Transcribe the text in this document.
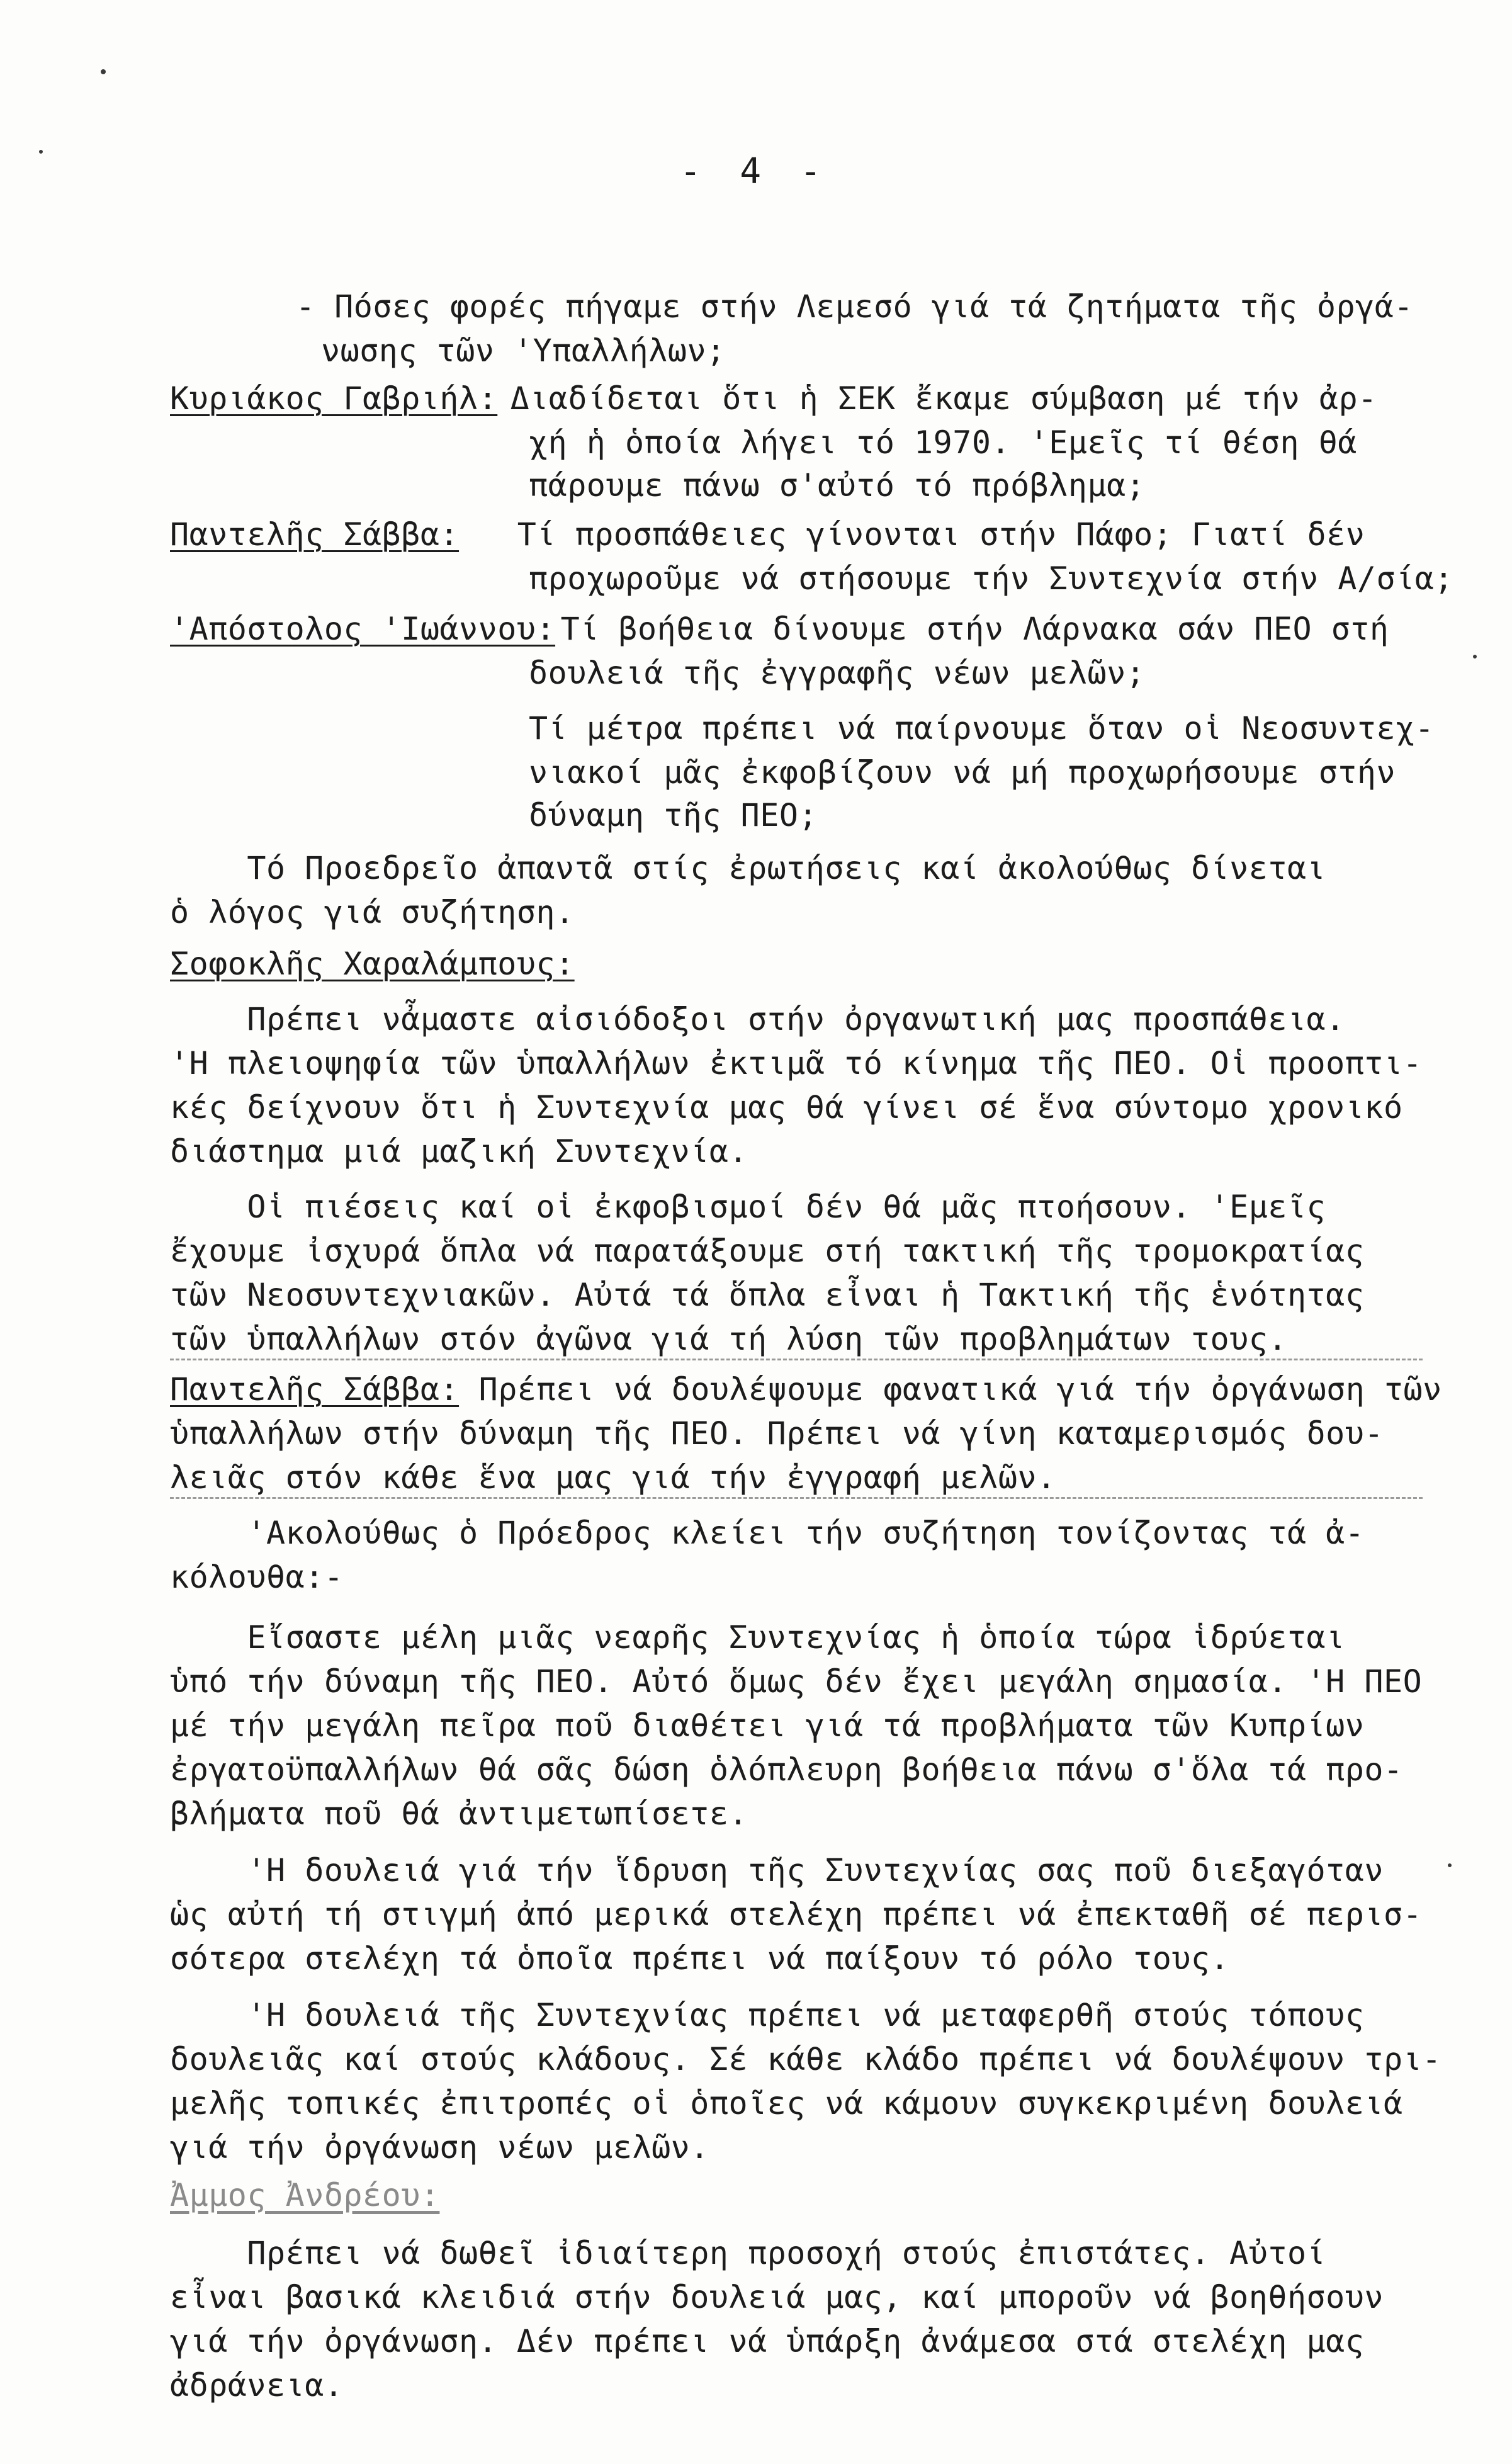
- 4 -
- Πόσες φορές πήγαμε στήν Λεμεσό γιά τά ζητήματα τῆς ὀργά-
νωσης τῶν 'Υπαλλήλων;
Κυριάκος Γαβριήλ:
Διαδίδεται ὅτι ἡ ΣΕΚ ἔκαμε σύμβαση μέ τήν ἀρ-
χή ἡ ὁποία λήγει τό 1970. 'Εμεῖς τί θέση θά
πάρουμε πάνω σ'αὐτό τό πρόβλημα;
Παντελῆς Σάββα: Τί προσπάθειες γίνονται στήν Πάφο; Γιατί δέν
προχωροῦμε νά στήσουμε τήν Συντεχνία στήν Α/σία;
'Απόστολος 'Ιωάννου:
Τί βοήθεια δίνουμε στήν Λάρνακα σάν ΠΕΟ στή
δουλειά τῆς ἐγγραφῆς νέων μελῶν;
Τί μέτρα πρέπει νά παίρνουμε ὅταν οἱ Νεοσυντεχ-
νιακοί μᾶς ἐκφοβίζουν νά μή προχωρήσουμε στήν
δύναμη τῆς ΠΕΟ;
Τό Προεδρεῖο ἀπαντᾶ στίς ἐρωτήσεις καί ἀκολούθως δίνεται
ὁ λόγος γιά συζήτηση.
Σοφοκλῆς Χαραλάμπους:
Πρέπει νἆμαστε αἰσιόδοξοι στήν ὀργανωτική μας προσπάθεια.
'Η πλειοψηφία τῶν ὑπαλλήλων ἐκτιμᾶ τό κίνημα τῆς ΠΕΟ. Οἱ προοπτι-
κές δείχνουν ὅτι ἡ Συντεχνία μας θά γίνει σέ ἕνα σύντομο χρονικό
διάστημα μιά μαζική Συντεχνία.
Οἱ πιέσεις καί οἱ ἐκφοβισμοί δέν θά μᾶς πτοήσουν. 'Εμεῖς
ἔχουμε ἰσχυρά ὅπλα νά παρατάξουμε στή τακτική τῆς τρομοκρατίας
τῶν Νεοσυντεχνιακῶν. Αὐτά τά ὅπλα εἶναι ἡ Τακτική τῆς ἑνότητας
τῶν ὑπαλλήλων στόν ἀγῶνα γιά τή λύση τῶν προβλημάτων τους.
Παντελῆς Σάββα: Πρέπει νά δουλέψουμε φανατικά γιά τήν ὀργάνωση τῶν
ὑπαλλήλων στήν δύναμη τῆς ΠΕΟ. Πρέπει νά γίνη καταμερισμός δου-
λειᾶς στόν κάθε ἕνα μας γιά τήν ἐγγραφή μελῶν.
'Ακολούθως ὁ Πρόεδρος κλείει τήν συζήτηση τονίζοντας τά ἀ-
κόλουθα:-
Εἴσαστε μέλη μιᾶς νεαρῆς Συντεχνίας ἡ ὁποία τώρα ἱδρύεται
ὑπό τήν δύναμη τῆς ΠΕΟ. Αὐτό ὅμως δέν ἔχει μεγάλη σημασία. 'Η ΠΕΟ
μέ τήν μεγάλη πεῖρα ποῦ διαθέτει γιά τά προβλήματα τῶν Κυπρίων
ἐργατοϋπαλλήλων θά σᾶς δώση ὁλόπλευρη βοήθεια πάνω σ'ὅλα τά προ-
βλήματα ποῦ θά ἀντιμετωπίσετε.
'Η δουλειά γιά τήν ἵδρυση τῆς Συντεχνίας σας ποῦ διεξαγόταν
ὡς αὐτή τή στιγμή ἀπό μερικά στελέχη πρέπει νά ἐπεκταθῆ σέ περισ-
σότερα στελέχη τά ὁποῖα πρέπει νά παίξουν τό ρόλο τους.
'Η δουλειά τῆς Συντεχνίας πρέπει νά μεταφερθῆ στούς τόπους
δουλειᾶς καί στούς κλάδους. Σέ κάθε κλάδο πρέπει νά δουλέψουν τρι-
μελῆς τοπικές ἐπιτροπές οἱ ὁποῖες νά κάμουν συγκεκριμένη δουλειά
γιά τήν ὀργάνωση νέων μελῶν.
Ἀμμος Ἀνδρέου:
Πρέπει νά δωθεῖ ἰδιαίτερη προσοχή στούς ἐπιστάτες. Αὐτοί
εἶναι βασικά κλειδιά στήν δουλειά μας, καί μποροῦν νά βοηθήσουν
γιά τήν ὀργάνωση. Δέν πρέπει νά ὑπάρξη ἀνάμεσα στά στελέχη μας
ἀδράνεια.
